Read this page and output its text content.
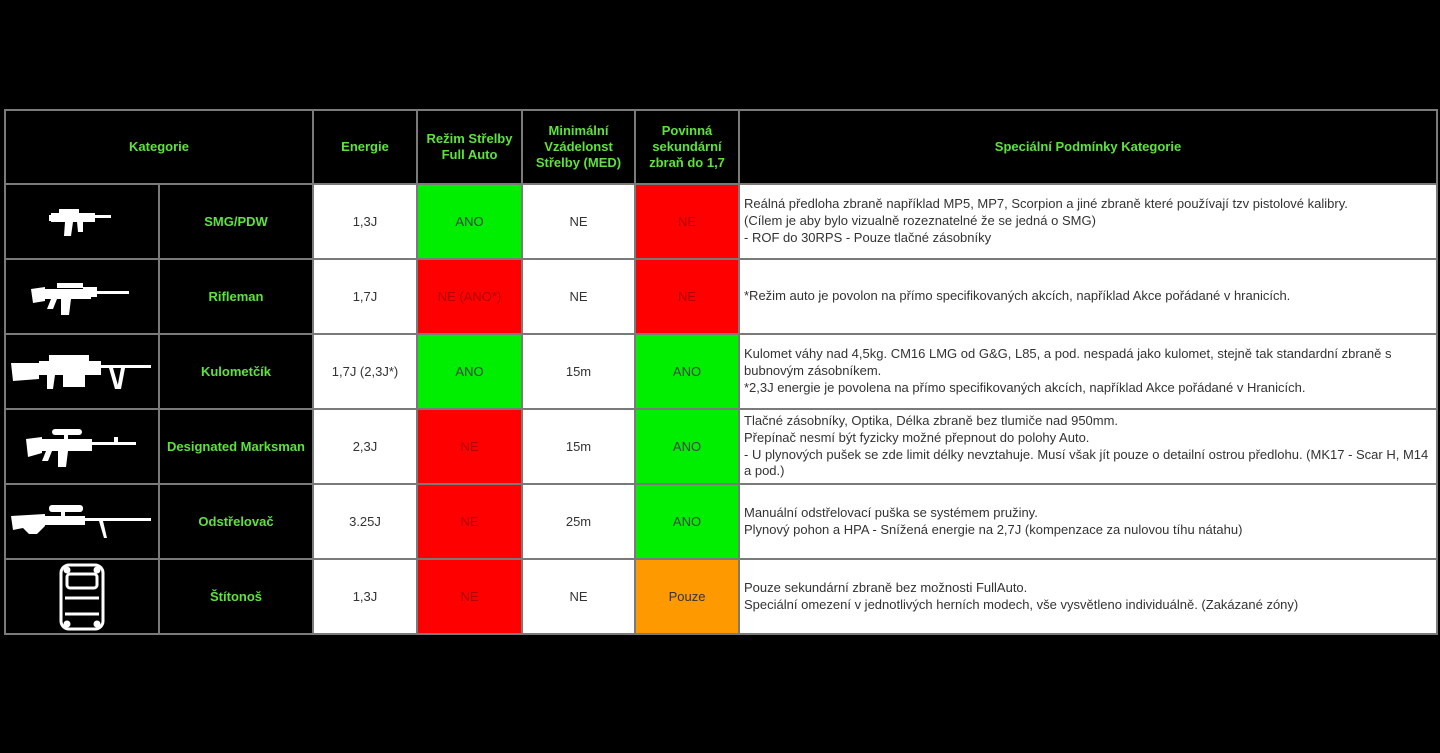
Kategorie		Energie	Režim Střelby Full Auto	Minimální Vzádelonst Střelby (MED)	Povinná sekundární zbraň do 1,7	Speciální Podmínky Kategorie

	SMG/PDW	1,3J	ANO	NE	NE	Reálná předloha zbraně například MP5, MP7, Scorpion a jiné zbraně které používají tzv pistolové kalibry.
(Cílem je aby bylo vizualně rozeznatelné že se jedná o SMG)
- ROF do 30RPS - Pouze tlačné zásobníky

	Rifleman	1,7J	NE (ANO*)	NE	NE	*Režim auto je povolon na přímo specifikovaných akcích, například Akce pořádané v hranicích.

	Kulometčík	1,7J (2,3J*)	ANO	15m	ANO	Kulomet váhy nad 4,5kg. CM16 LMG od G&G, L85, a pod. nespadá jako kulomet, stejně tak standardní zbraně s bubnovým zásobníkem.
*2,3J energie je povolena na přímo specifikovaných akcích, například Akce pořádané v Hranicích.

	Designated Marksman	2,3J	NE	15m	ANO	Tlačné zásobníky, Optika, Délka zbraně bez tlumiče nad 950mm.
Přepínač nesmí být fyzicky možné přepnout do polohy Auto.
- U plynových pušek se zde limit délky nevztahuje. Musí však jít pouze o detailní ostrou předlohu. (MK17 - Scar H, M14 a pod.)

	Odstřelovač	3.25J	NE	25m	ANO	Manuální odstřelovací puška se systémem pružiny.
Plynový pohon a HPA - Snížená energie na 2,7J (kompenzace za nulovou tíhu nátahu)

	Štítonoš	1,3J	NE	NE	Pouze	Pouze sekundární zbraně bez možnosti FullAuto.
Speciální omezení v jednotlivých herních modech, vše vysvětleno individuálně. (Zakázané zóny)
